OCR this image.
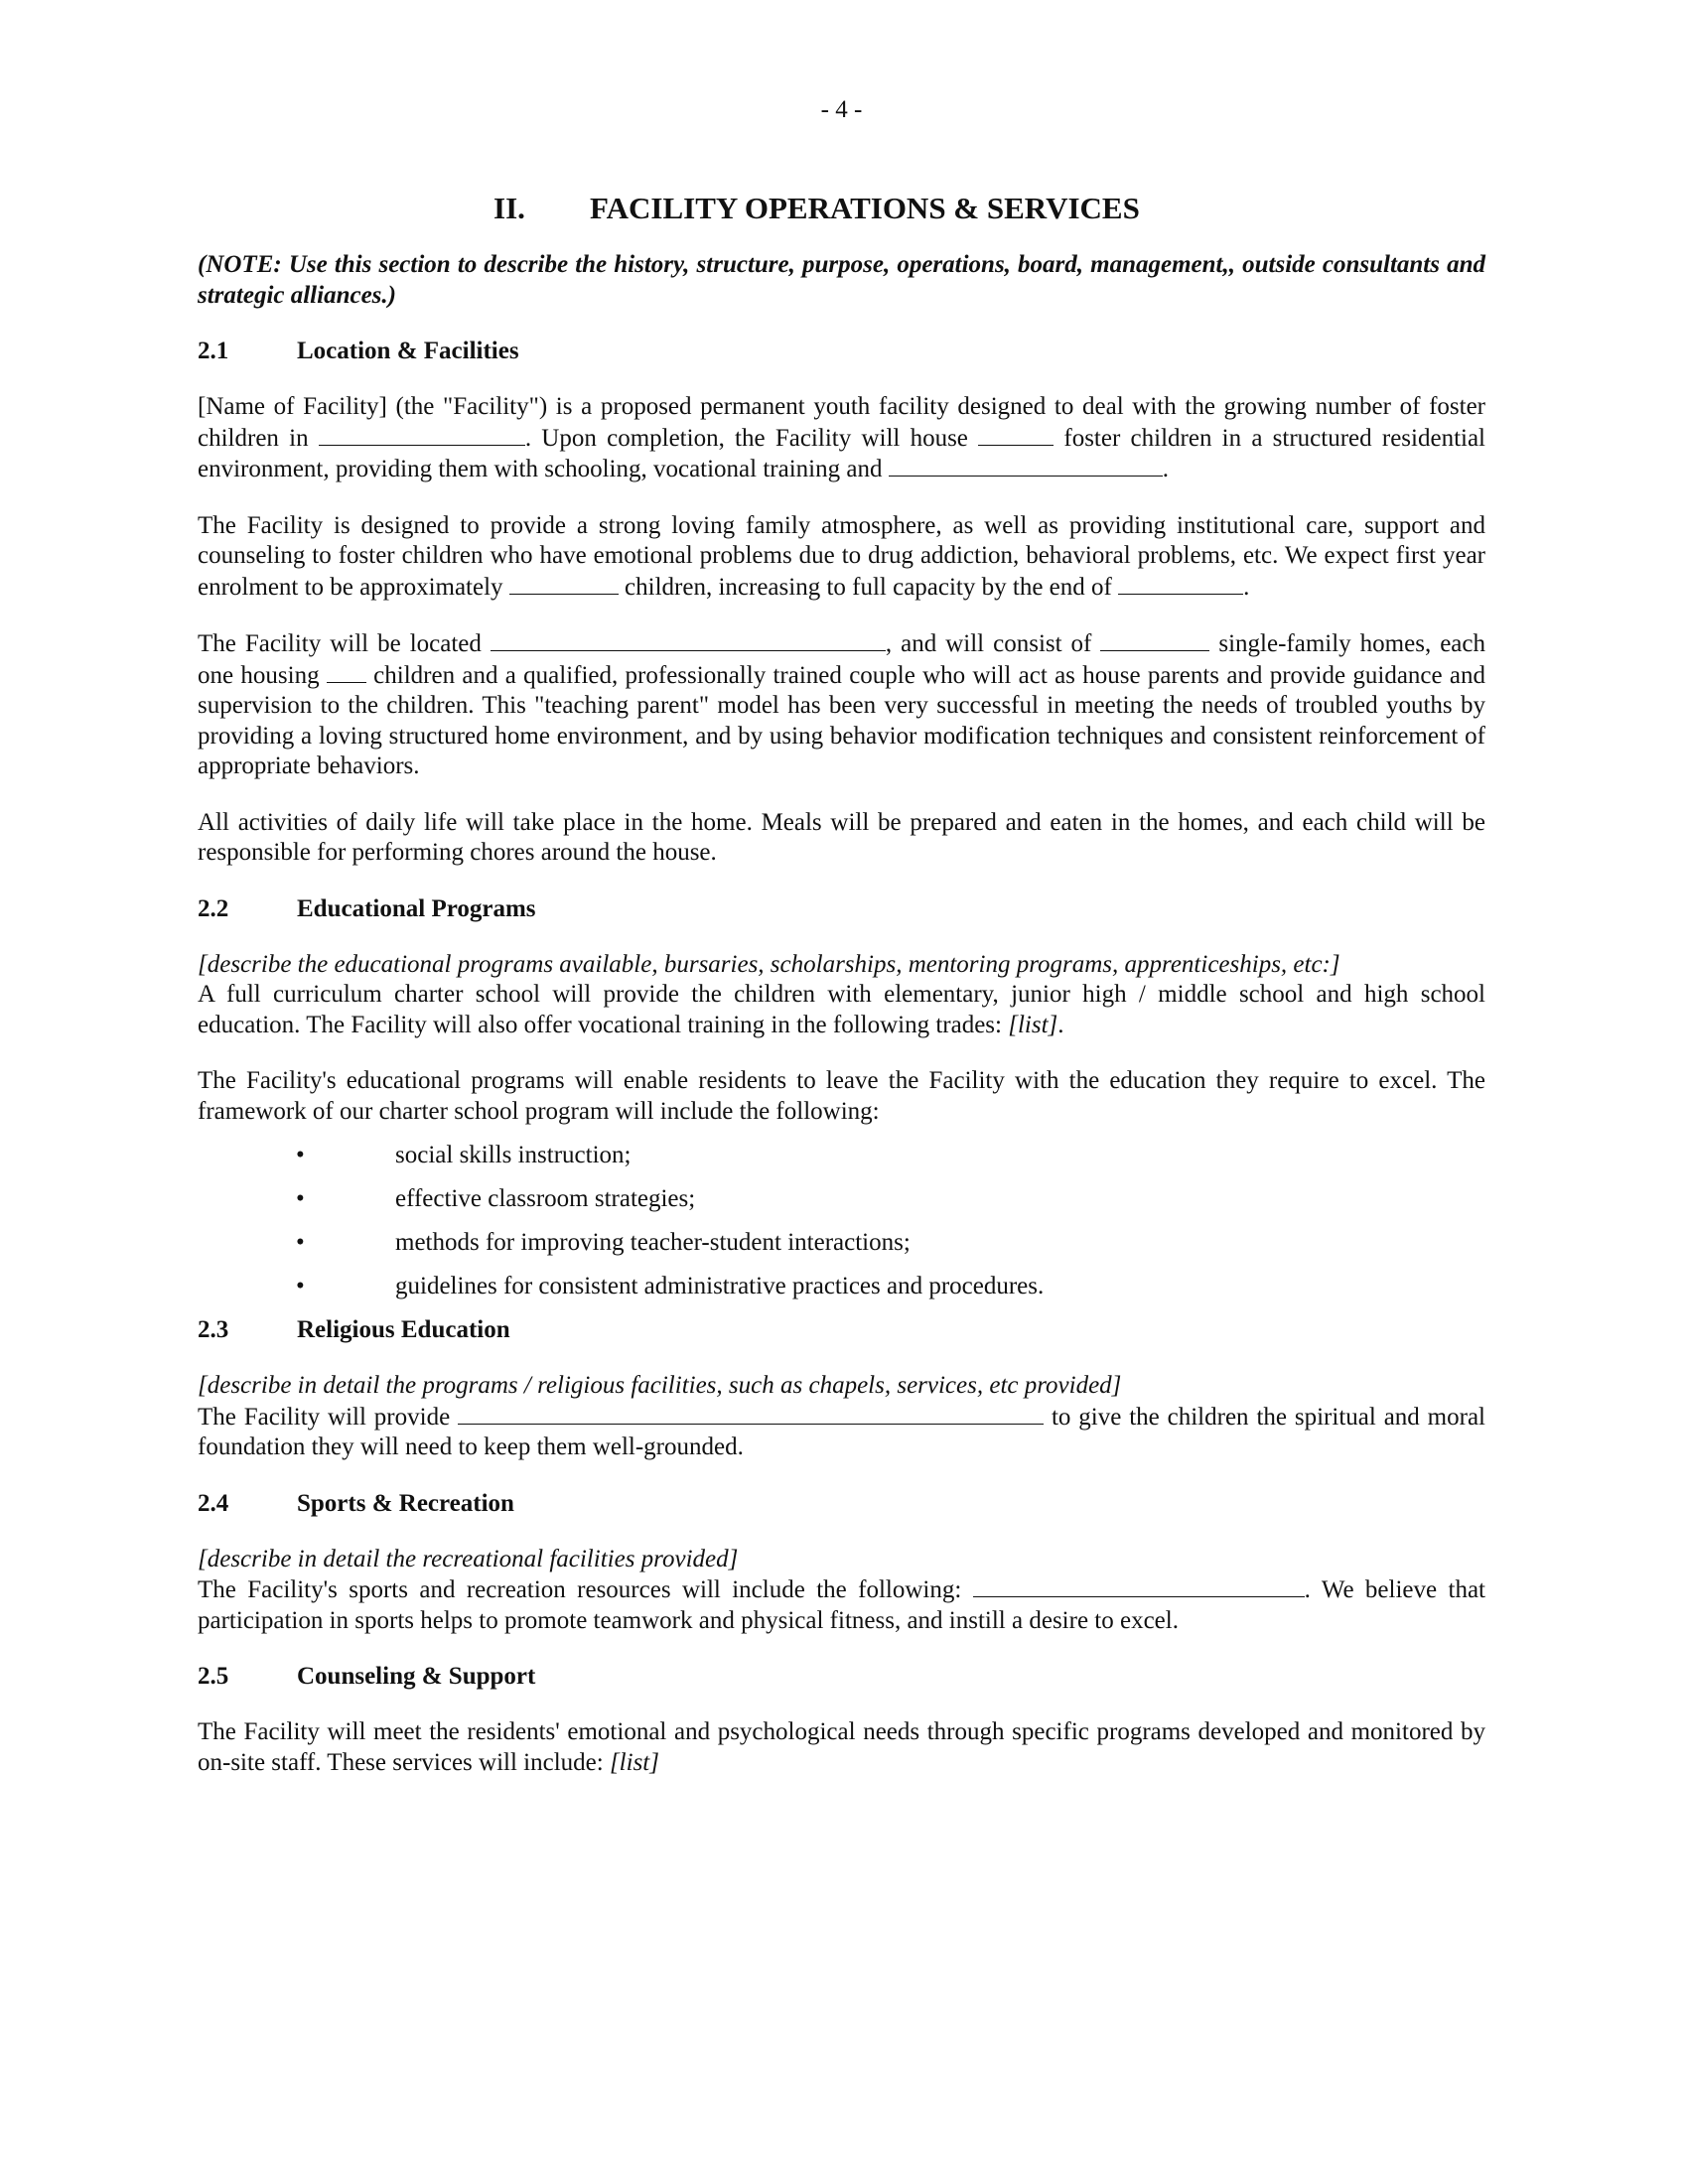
- 4 -
II. FACILITY OPERATIONS & SERVICES

(NOTE: Use this section to describe the history, structure, purpose, operations, board, management,, outside consultants and strategic alliances.)

2.1	Location & Facilities

[Name of Facility] (the "Facility") is a proposed permanent youth facility designed to deal with the growing number of foster children in	. Upon completion, the Facility will house	foster children in a structured residential environment, providing them with schooling, vocational training and	.

The Facility is designed to provide a strong loving family atmosphere, as well as providing institutional care, support and counseling to foster children who have emotional problems due to drug addiction, behavioral problems, etc. We expect first year enrolment to be approximately	children, increasing to full capacity by the end of	.

The Facility will be located	, and will consist of	single-family homes, each one housing  children and a qualified, professionally trained couple who will act as house parents and provide guidance and supervision to the children. This "teaching parent" model has been very successful in meeting the needs of troubled youths by providing a loving structured home environment, and by using behavior modification techniques and consistent reinforcement of appropriate behaviors.

All activities of daily life will take place in the home. Meals will be prepared and eaten in the homes, and each child will be responsible for performing chores around the house.

2.2	Educational Programs

[describe the educational programs available, bursaries, scholarships, mentoring programs, apprenticeships, etc:]

A full curriculum charter school will provide the children with elementary, junior high / middle school and high school education. The Facility will also offer vocational training in the following trades: [list].

The Facility's educational programs will enable residents to leave the Facility with the education they require to excel. The framework of our charter school program will include the following:

•	social skills instruction;
•	effective classroom strategies;
•	methods for improving teacher-student interactions;
•	guidelines for consistent administrative practices and procedures.
2.3	Religious Education

[describe in detail the programs / religious facilities, such as chapels, services, etc provided]

The Facility will provide	to give the children the spiritual and moral foundation they will need to keep them well-grounded.

2.4	Sports & Recreation

[describe in detail the recreational facilities provided]

The Facility's sports and recreation resources will include the following:	. We believe that participation in sports helps to promote teamwork and physical fitness, and instill a desire to excel.

2.5	Counseling & Support

The Facility will meet the residents' emotional and psychological needs through specific programs developed and monitored by on-site staff. These services will include: [list]
